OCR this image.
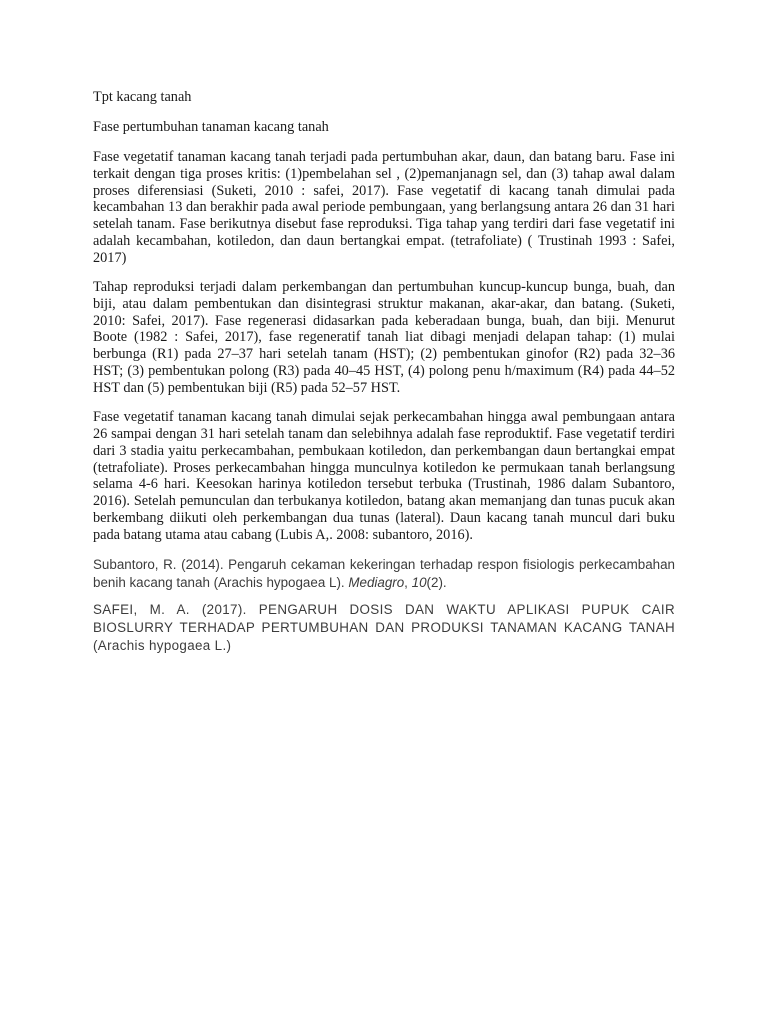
Tpt kacang tanah

Fase pertumbuhan tanaman kacang tanah

Fase vegetatif tanaman kacang tanah terjadi pada pertumbuhan akar, daun, dan batang baru. Fase ini terkait dengan tiga proses kritis: (1)pembelahan sel , (2)pemanjanagn sel, dan (3) tahap awal dalam proses diferensiasi (Suketi, 2010 : safei, 2017). Fase vegetatif di kacang tanah dimulai pada kecambahan 13 dan berakhir pada awal periode pembungaan, yang berlangsung antara 26 dan 31 hari setelah tanam. Fase berikutnya disebut fase reproduksi. Tiga tahap yang terdiri dari fase vegetatif ini adalah kecambahan, kotiledon, dan daun bertangkai empat. (tetrafoliate) ( Trustinah 1993 : Safei, 2017)

Tahap reproduksi terjadi dalam perkembangan dan pertumbuhan kuncup-kuncup bunga, buah, dan biji, atau dalam pembentukan dan disintegrasi struktur makanan, akar-akar, dan batang. (Suketi, 2010: Safei, 2017). Fase regenerasi didasarkan pada keberadaan bunga, buah, dan biji. Menurut Boote (1982 : Safei, 2017), fase regeneratif tanah liat dibagi menjadi delapan tahap: (1) mulai berbunga (R1) pada 27–37 hari setelah tanam (HST); (2) pembentukan ginofor (R2) pada 32–36 HST; (3) pembentukan polong (R3) pada 40–45 HST, (4) polong penu h/maximum (R4) pada 44–52 HST dan (5) pembentukan biji (R5) pada 52–57 HST.

Fase vegetatif tanaman kacang tanah dimulai sejak perkecambahan hingga awal pembungaan antara 26 sampai dengan 31 hari setelah tanam dan selebihnya adalah fase reproduktif. Fase vegetatif terdiri dari 3 stadia yaitu perkecambahan, pembukaan kotiledon, dan perkembangan daun bertangkai empat (tetrafoliate). Proses perkecambahan hingga munculnya kotiledon ke permukaan tanah berlangsung selama 4-6 hari. Keesokan harinya kotiledon tersebut terbuka (Trustinah, 1986 dalam Subantoro, 2016). Setelah pemunculan dan terbukanya kotiledon, batang akan memanjang dan tunas pucuk akan berkembang diikuti oleh perkembangan dua tunas (lateral). Daun kacang tanah muncul dari buku pada batang utama atau cabang (Lubis A,. 2008: subantoro, 2016).

Subantoro, R. (2014). Pengaruh cekaman kekeringan terhadap respon fisiologis perkecambahan benih kacang tanah (Arachis hypogaea L). Mediagro, 10(2).

SAFEI, M. A. (2017). PENGARUH DOSIS DAN WAKTU APLIKASI PUPUK CAIR BIOSLURRY TERHADAP PERTUMBUHAN DAN PRODUKSI TANAMAN KACANG TANAH (Arachis hypogaea L.)
